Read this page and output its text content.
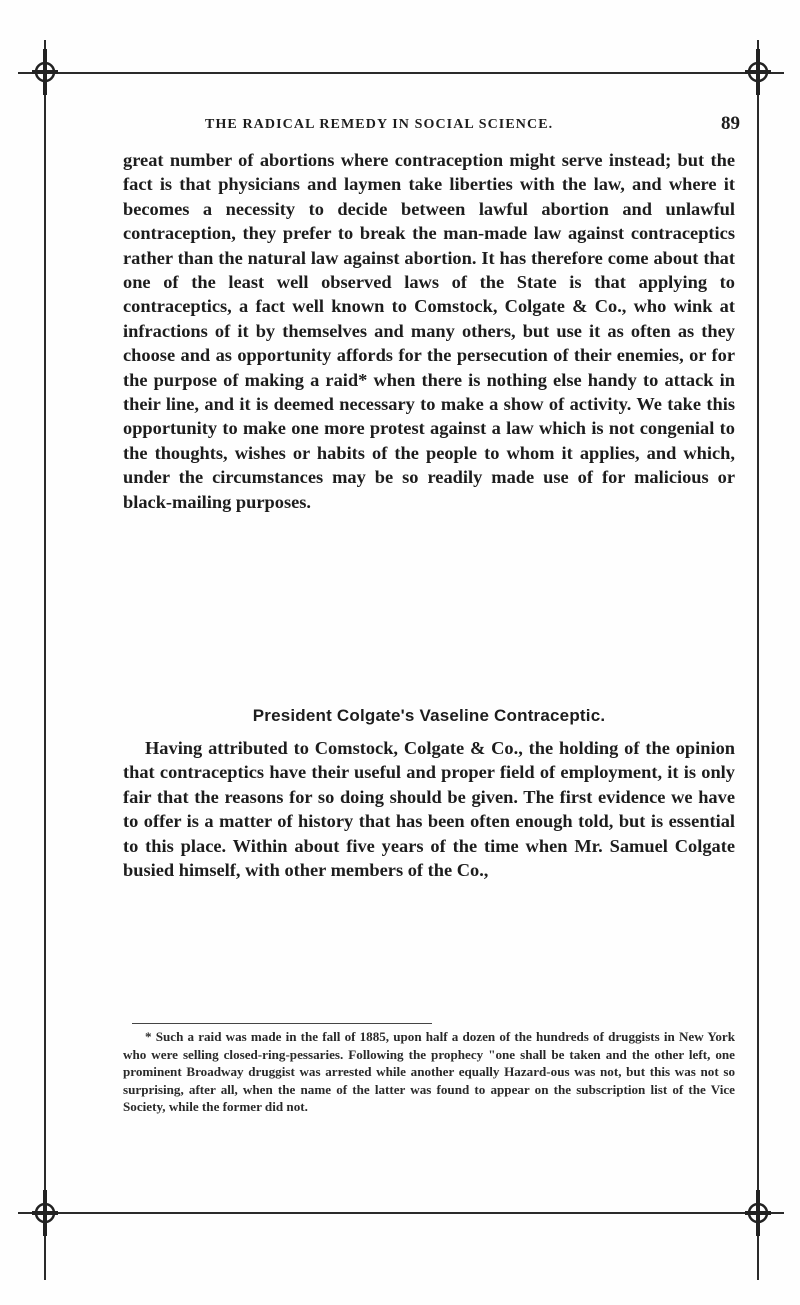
THE RADICAL REMEDY IN SOCIAL SCIENCE.	89

great number of abortions where contraception might serve instead; but the fact is that physicians and laymen take liberties with the law, and where it becomes a necessity to decide between lawful abortion and unlawful contraception, they prefer to break the man-made law against contraceptics rather than the natural law against abortion. It has therefore come about that one of the least well observed laws of the State is that applying to contraceptics, a fact well known to Comstock, Colgate & Co., who wink at infractions of it by themselves and many others, but use it as often as they choose and as opportunity affords for the persecution of their enemies, or for the purpose of making a raid* when there is nothing else handy to attack in their line, and it is deemed necessary to make a show of activity. We take this opportunity to make one more protest against a law which is not congenial to the thoughts, wishes or habits of the people to whom it applies, and which, under the circumstances may be so readily made use of for malicious or black-mailing purposes.

President Colgate's Vaseline Contraceptic.

Having attributed to Comstock, Colgate & Co., the holding of the opinion that contraceptics have their useful and proper field of employment, it is only fair that the reasons for so doing should be given. The first evidence we have to offer is a matter of history that has been often enough told, but is essential to this place. Within about five years of the time when Mr. Samuel Colgate busied himself, with other members of the Co.,

* Such a raid was made in the fall of 1885, upon half a dozen of the hundreds of druggists in New York who were selling closed-ring-pessaries. Following the prophecy "one shall be taken and the other left, one prominent Broadway druggist was arrested while another equally Hazard-ous was not, but this was not so surprising, after all, when the name of the latter was found to appear on the subscription list of the Vice Society, while the former did not.
